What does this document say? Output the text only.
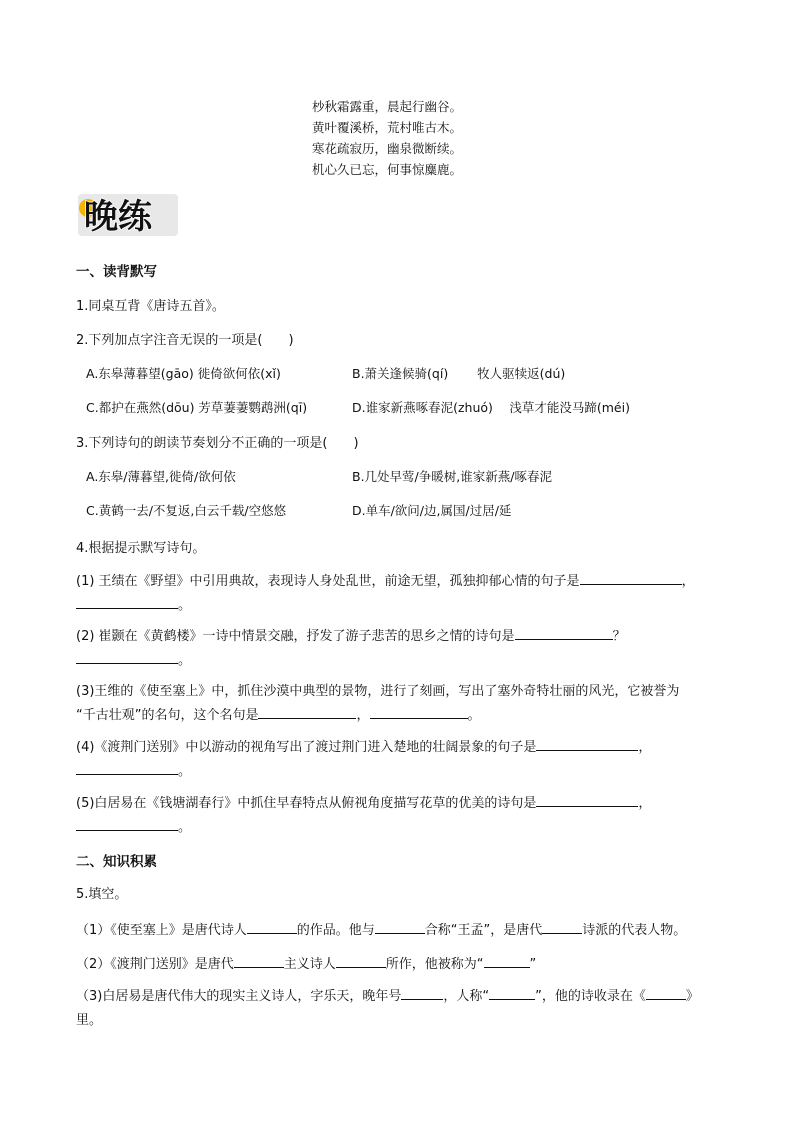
杪秋霜露重，晨起行幽谷。
黄叶覆溪桥，荒村唯古木。
寒花疏寂历，幽泉微断续。
机心久已忘，何事惊麋鹿。
晚练
一、读背默写
1.同桌互背《唐诗五首》。
2.下列加点字注音无误的一项是(　　)
A.东皋薄暮望(gāo) 徙倚欲何依(xǐ)	B.萧关逢候骑(qí)　　 牧人驱犊返(dú)
C.都护在燕然(dōu) 芳草萋萋鹦鹉洲(qī)	D.谁家新燕啄春泥(zhuó)　 浅草才能没马蹄(méi)
3.下列诗句的朗读节奏划分不正确的一项是(　　)
A.东皋/薄暮望,徙倚/欲何依	B.几处早莺/争暖树,谁家新燕/啄春泥
C.黄鹤一去/不复返,白云千载/空悠悠	D.单车/欲问/边,属国/过居/延
4.根据提示默写诗句。
(1) 王绩在《野望》中引用典故，表现诗人身处乱世，前途无望，孤独抑郁心情的句子是	，
。
(2) 崔颢在《黄鹤楼》一诗中情景交融，抒发了游子悲苦的思乡之情的诗句是	？
。
(3)王维的《使至塞上》中，抓住沙漠中典型的景物，进行了刻画，写出了塞外奇特壮丽的风光，它被誉为
“千古壮观”的名句，这个名句是	，	。
(4)《渡荆门送别》中以游动的视角写出了渡过荆门进入楚地的壮阔景象的句子是	，
。
(5)白居易在《钱塘湖春行》中抓住早春特点从俯视角度描写花草的优美的诗句是	，
。
二、知识积累
5.填空。
（1）《使至塞上》是唐代诗人	的作品。他与	合称“王孟”，是唐代	诗派的代表人物。
（2）《渡荆门送别》是唐代	主义诗人	所作，他被称为“	”
（3)白居易是唐代伟大的现实主义诗人，字乐天，晚年号	，人称“	”，他的诗收录在《	》
里。
